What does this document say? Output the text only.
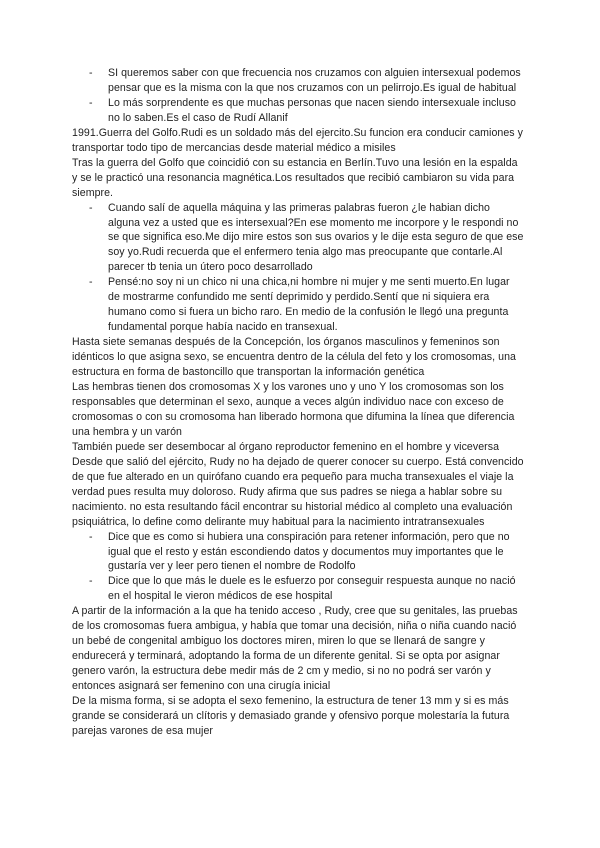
- SI queremos saber con que frecuencia nos cruzamos con alguien intersexual podemos pensar que es la misma con la que nos cruzamos con un pelirrojo.Es igual de habitual
- Lo más sorprendente es que muchas personas que nacen siendo intersexuale incluso no lo saben.Es el caso de Rudí Allanif

1991.Guerra del Golfo.Rudi es un soldado más del ejercito.Su funcion era conducir camiones y transportar todo tipo de mercancias desde material médico a misiles

Tras la guerra del Golfo que coincidió con su estancia en Berlín.Tuvo una lesión en la espalda y se le practicó una resonancia magnética.Los resultados que recibió cambiaron su vida para siempre.

- Cuando salí de aquella máquina y las primeras palabras fueron ¿le habian dicho alguna vez a usted que es intersexual?En ese momento me incorpore y le respondi no se que significa eso.Me dijo mire estos son sus ovarios y le dije esta seguro de que ese soy yo.Rudi recuerda que el enfermero tenia algo mas preocupante que contarle.Al parecer tb tenia un útero poco desarrollado
- Pensé:no soy ni un chico ni una chica,ni hombre ni mujer y me senti muerto.En lugar de mostrarme confundido me sentí deprimido y perdido.Sentí que ni siquiera era humano como si fuera un bicho raro. En medio de la confusión le llegó una pregunta fundamental porque había nacido en transexual.

Hasta siete semanas después de la Concepción, los órganos masculinos y femeninos son idénticos lo que asigna sexo, se encuentra dentro de la célula del feto y los cromosomas, una estructura en forma de bastoncillo que transportan la información genética

Las hembras tienen dos cromosomas X y los varones uno y uno Y los cromosomas son los responsables que determinan el sexo, aunque a veces algún individuo nace con exceso de cromosomas o con su cromosoma han liberado hormona que difumina la línea que diferencia una hembra y un varón

También puede ser desembocar al órgano reproductor femenino en el hombre y viceversa

Desde que salió del ejército, Rudy no ha dejado de querer conocer su cuerpo. Está convencido de que fue alterado en un quirófano cuando era pequeño para mucha transexuales el viaje la verdad pues resulta muy doloroso. Rudy afirma que sus padres se niega a hablar sobre su nacimiento. no esta resultando fácil encontrar su historial médico al completo una evaluación psiquiátrica, lo define como delirante muy habitual para la nacimiento intratransexuales

- Dice que es como si hubiera una conspiración para retener información, pero que no igual que el resto y están escondiendo datos y documentos muy importantes que le gustaría ver y leer pero tienen el nombre de Rodolfo
- Dice que lo que más le duele es le esfuerzo por conseguir respuesta aunque no nació en el hospital le vieron médicos de ese hospital

A partir de la información a la que ha tenido acceso , Rudy, cree que su genitales, las pruebas de los cromosomas fuera ambigua, y había que tomar una decisión, niña o niña cuando nació un bebé de congenital ambiguo los doctores miren, miren lo que se llenará de sangre y endurecerá y terminará, adoptando la forma de un diferente genital. Si se opta por asignar genero varón, la estructura debe medir más de 2 cm y medio, si no no podrá ser varón y entonces asignará ser femenino con una cirugía inicial

De la misma forma, si se adopta el sexo femenino, la estructura de tener 13 mm y si es más grande se considerará un clítoris y demasiado grande y ofensivo porque molestaría la futura parejas varones de esa mujer
